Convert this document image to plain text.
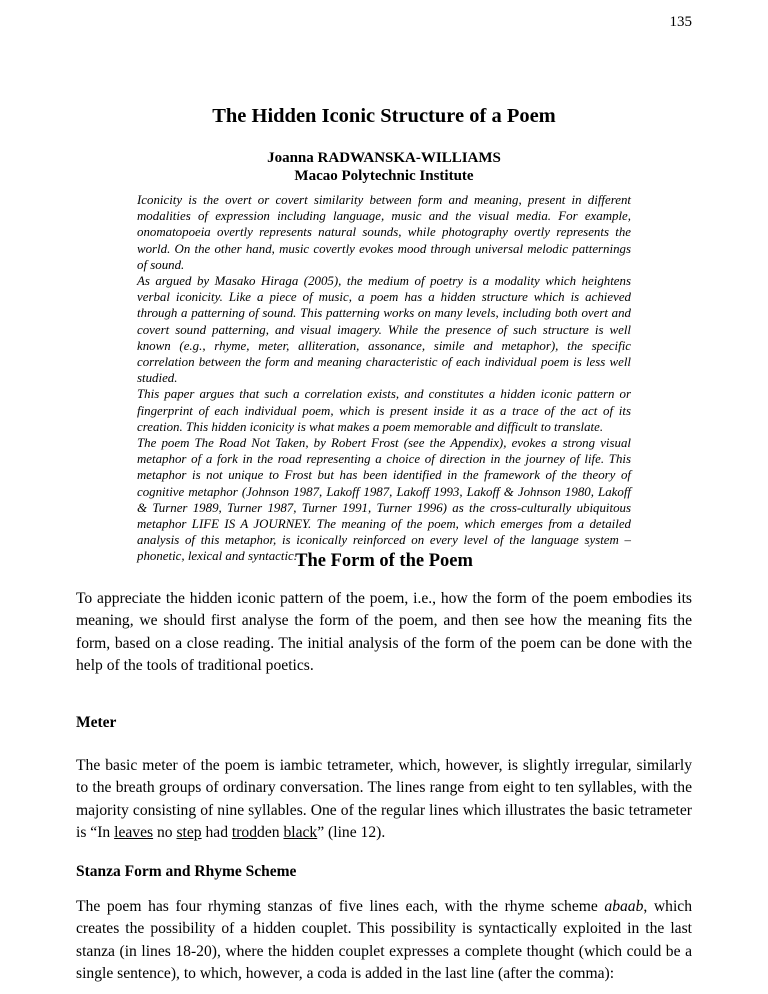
135
The Hidden Iconic Structure of a Poem
Joanna RADWANSKA-WILLIAMS
Macao Polytechnic Institute

Iconicity is the overt or covert similarity between form and meaning, present in different modalities of expression including language, music and the visual media. For example, onomatopoeia overtly represents natural sounds, while photography overtly represents the world. On the other hand, music covertly evokes mood through universal melodic patternings of sound.

As argued by Masako Hiraga (2005), the medium of poetry is a modality which heightens verbal iconicity. Like a piece of music, a poem has a hidden structure which is achieved through a patterning of sound. This patterning works on many levels, including both overt and covert sound patterning, and visual imagery. While the presence of such structure is well known (e.g., rhyme, meter, alliteration, assonance, simile and metaphor), the specific correlation between the form and meaning characteristic of each individual poem is less well studied.

This paper argues that such a correlation exists, and constitutes a hidden iconic pattern or fingerprint of each individual poem, which is present inside it as a trace of the act of its creation. This hidden iconicity is what makes a poem memorable and difficult to translate.

The poem The Road Not Taken, by Robert Frost (see the Appendix), evokes a strong visual metaphor of a fork in the road representing a choice of direction in the journey of life. This metaphor is not unique to Frost but has been identified in the framework of the theory of cognitive metaphor (Johnson 1987, Lakoff 1987, Lakoff 1993, Lakoff & Johnson 1980, Lakoff & Turner 1989, Turner 1987, Turner 1991, Turner 1996) as the cross-culturally ubiquitous metaphor LIFE IS A JOURNEY. The meaning of the poem, which emerges from a detailed analysis of this metaphor, is iconically reinforced on every level of the language system – phonetic, lexical and syntactic.

The Form of the Poem

To appreciate the hidden iconic pattern of the poem, i.e., how the form of the poem embodies its meaning, we should first analyse the form of the poem, and then see how the meaning fits the form, based on a close reading. The initial analysis of the form of the poem can be done with the help of the tools of traditional poetics.

Meter

The basic meter of the poem is iambic tetrameter, which, however, is slightly irregular, similarly to the breath groups of ordinary conversation. The lines range from eight to ten syllables, with the majority consisting of nine syllables. One of the regular lines which illustrates the basic tetrameter is “In leaves no step had trodden black” (line 12).

Stanza Form and Rhyme Scheme

The poem has four rhyming stanzas of five lines each, with the rhyme scheme abaab, which creates the possibility of a hidden couplet. This possibility is syntactically exploited in the last stanza (in lines 18-20), where the hidden couplet expresses a complete thought (which could be a single sentence), to which, however, a coda is added in the last line (after the comma):
